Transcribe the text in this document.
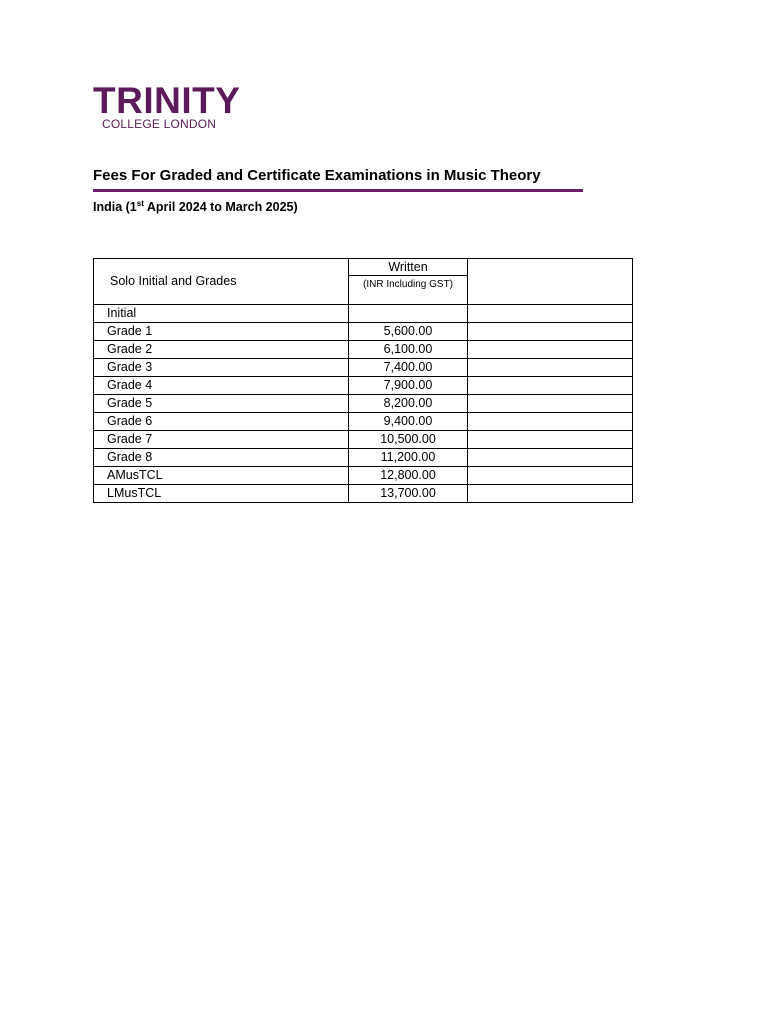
TRINITY
COLLEGE LONDON
Fees For Graded and Certificate Examinations in Music Theory
India (1st April 2024 to March 2025)
Solo Initial and Grades	Written	
	(INR Including GST)	
Initial		
Grade 1	5,600.00	
Grade 2	6,100.00	
Grade 3	7,400.00	
Grade 4	7,900.00	
Grade 5	8,200.00	
Grade 6	9,400.00	
Grade 7	10,500.00	
Grade 8	11,200.00	
AMusTCL	12,800.00	
LMusTCL	13,700.00	
